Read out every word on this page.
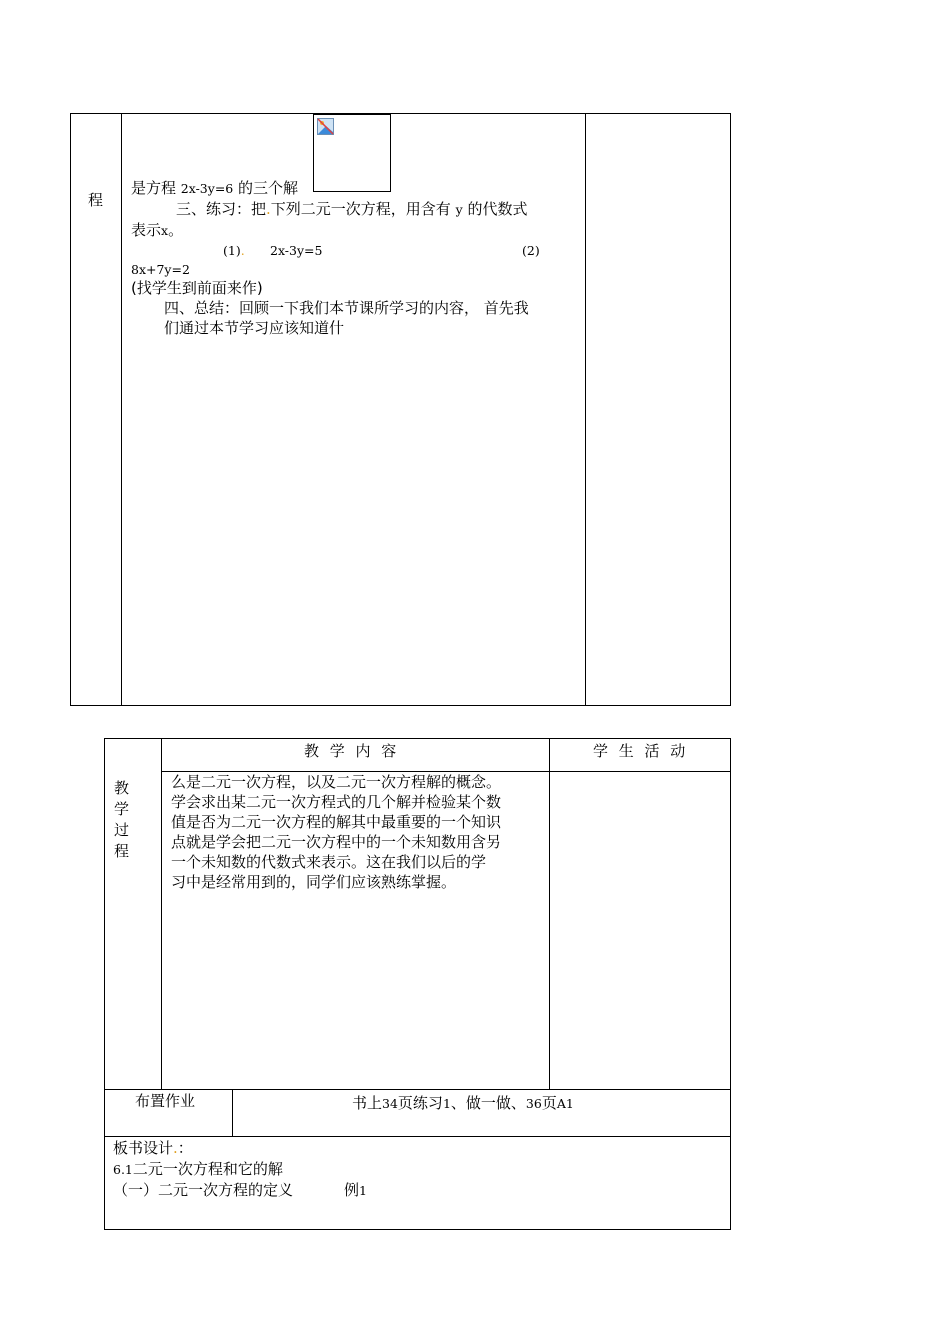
程
是方程 2x-3y=6 的三个解
三、练习：把.下列二元一次方程，用含有 y 的代数式
表示x。
(1). 2x-3y=5	(2)
8x+7y=2
(找学生到前面来作)
四、总结：回顾一下我们本节课所学习的内容， 首先我
们通过本节学习应该知道什
教
学
过
程
教 学 内 容	学 生 活 动
么是二元一次方程，以及二元一次方程解的概念。
学会求出某二元一次方程式的几个解并检验某个数
值是否为二元一次方程的解其中最重要的一个知识
点就是学会把二元一次方程中的一个未知数用含另
一个未知数的代数式来表示。这在我们以后的学
习中是经常用到的，同学们应该熟练掌握。
布置作业	书上34页练习1、做一做、36页A1
板书设计.：
6.1二元一次方程和它的解
（一）二元一次方程的定义	例1
